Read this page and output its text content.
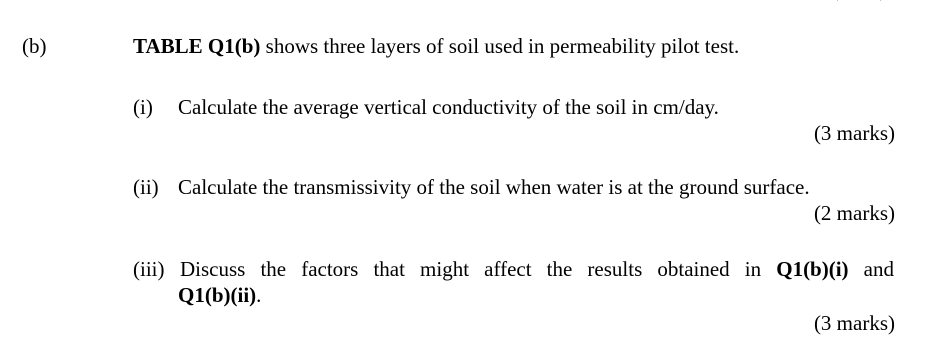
(b)	TABLE Q1(b) shows three layers of soil used in permeability pilot test.
(i) Calculate the average vertical conductivity of the soil in cm/day.
(3 marks)
(ii) Calculate the transmissivity of the soil when water is at the ground surface.
(2 marks)
(iii) Discuss the factors that might affect the results obtained in Q1(b)(i) and
Q1(b)(ii).
(3 marks)
